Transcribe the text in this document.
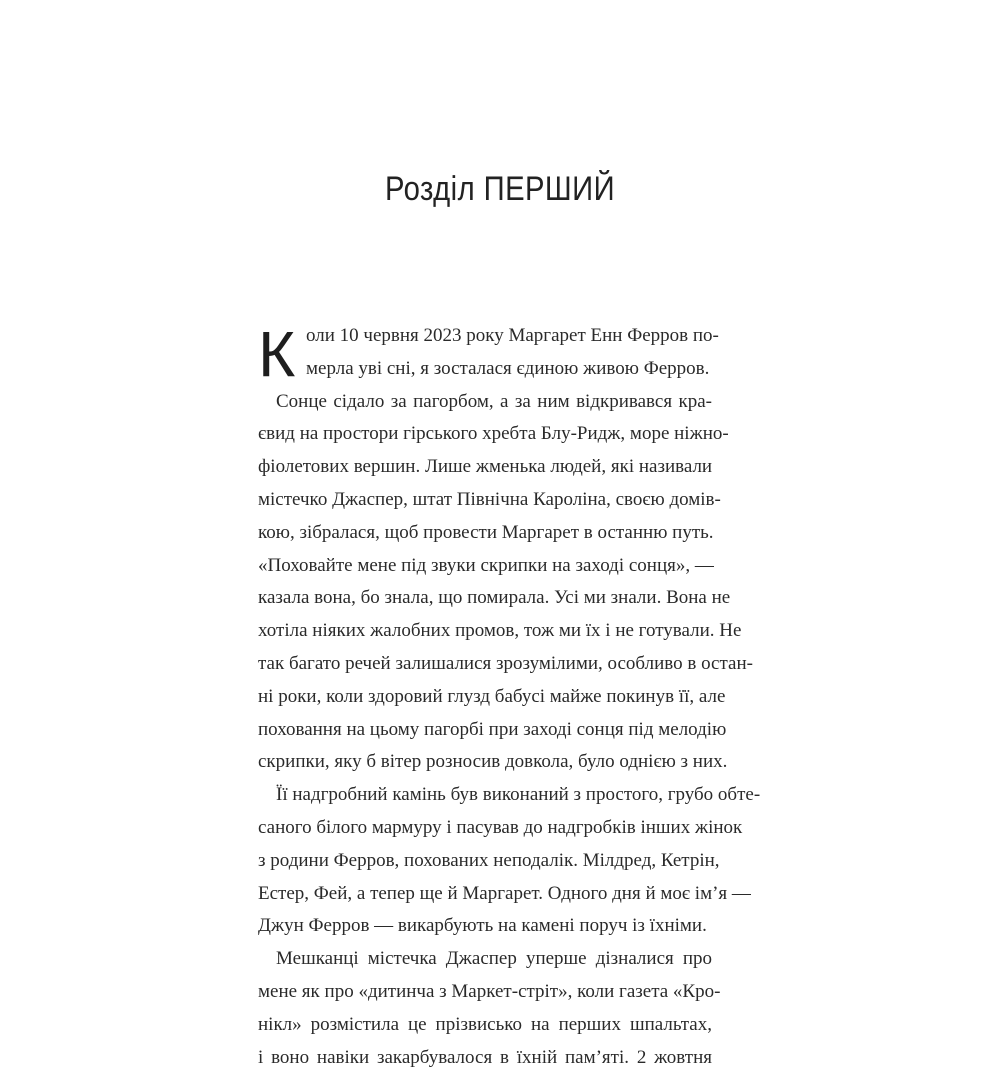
Розділ ПЕРШИЙ
К оли 10 червня 2023 року Маргарет Енн Ферров по-
мерла уві сні, я зосталася єдиною живою Ферров.
Сонце сідало за пагорбом, а за ним відкривався кра-
євид на простори гірського хребта Блу-Ридж, море ніжно-
фіолетових вершин. Лише жменька людей, які називали
містечко Джаспер, штат Північна Кароліна, своєю домів-
кою, зібралася, щоб провести Маргарет в останню путь.
«Поховайте мене під звуки скрипки на заході сонця», —
казала вона, бо знала, що помирала. Усі ми знали. Вона не
хотіла ніяких жалобних промов, тож ми їх і не готували. Не
так багато речей залишалися зрозумілими, особливо в остан-
ні роки, коли здоровий глузд бабусі майже покинув її, але
поховання на цьому пагорбі при заході сонця під мелодію
скрипки, яку б вітер розносив довкола, було однією з них.
Її надгробний камінь був виконаний з простого, грубо обте-
саного білого мармуру і пасував до надгробків інших жінок
з родини Ферров, похованих неподалік. Мілдред, Кетрін,
Естер, Фей, а тепер ще й Маргарет. Одного дня й моє ім’я —
Джун Ферров — викарбують на камені поруч із їхніми.
Мешканці містечка Джаспер уперше дізналися про
мене як про «дитинча з Маркет-стріт», коли газета «Кро-
нікл» розмістила це прізвисько на перших шпальтах,
і воно навіки закарбувалося в їхній пам’яті. 2 жовтня
